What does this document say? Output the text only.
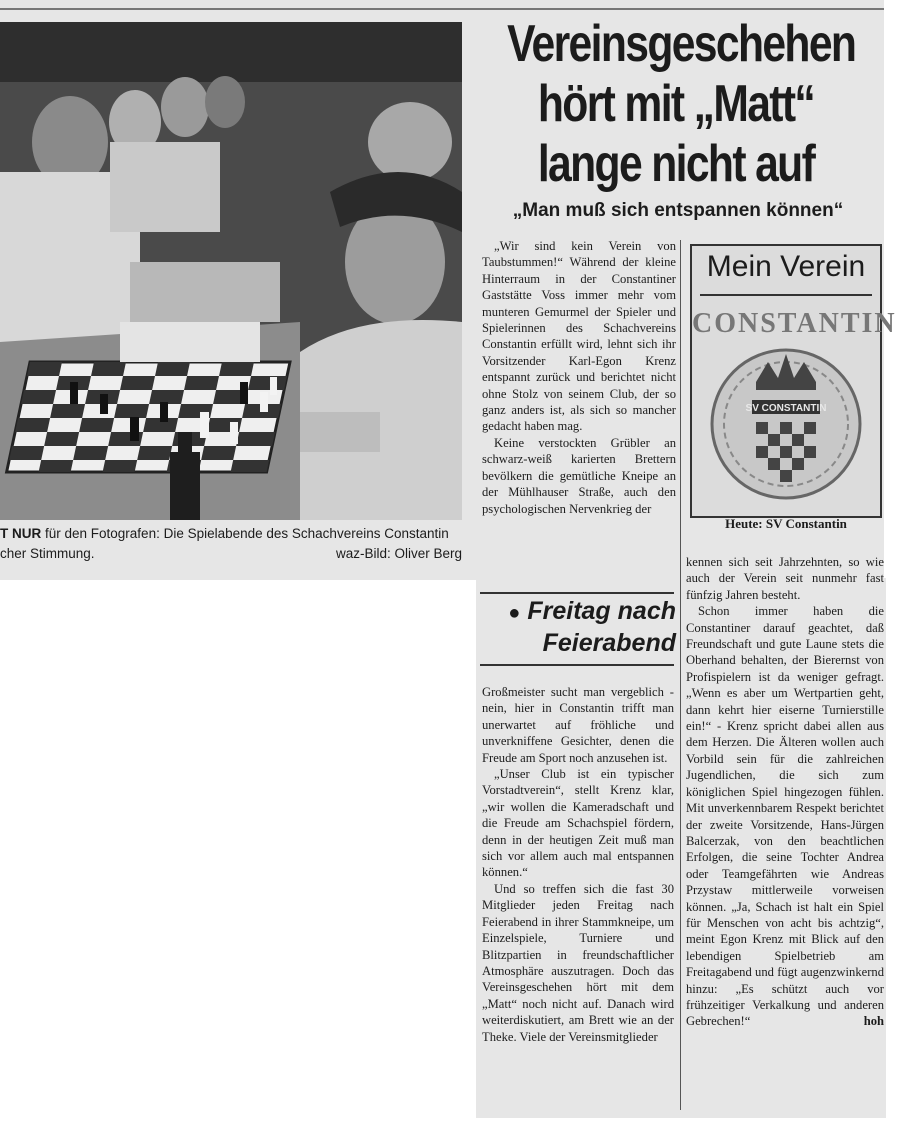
T NUR für den Fotografen: Die Spielabende des Schachvereins Constantin
cher Stimmung.	waz-Bild: Oliver Berg
Vereinsgeschehen
hört mit „Matt“
lange nicht auf
„Man muß sich entspannen können“

„Wir sind kein Verein von Taubstummen!“ Während der kleine Hinterraum in der Constantiner Gaststätte Voss immer mehr vom munteren Gemurmel der Spieler und Spielerinnen des Schachvereins Constantin erfüllt wird, lehnt sich ihr Vorsitzender Karl-Egon Krenz entspannt zurück und berichtet nicht ohne Stolz von seinem Club, der so ganz anders ist, als sich so mancher gedacht haben mag.

Keine verstockten Grübler an schwarz-weiß karierten Brettern bevölkern die gemütliche Kneipe an der Mühlhauser Straße, auch den psychologischen Nervenkrieg der

Mein Verein
CONSTANTIN
SV CONSTANTIN
Heute: SV Constantin
● Freitag nach Feierabend

Großmeister sucht man vergeblich - nein, hier in Constantin trifft man unerwartet auf fröhliche und unverkniffene Gesichter, denen die Freude am Sport noch anzusehen ist.

„Unser Club ist ein typischer Vorstadtverein“, stellt Krenz klar, „wir wollen die Kameradschaft und die Freude am Schachspiel fördern, denn in der heutigen Zeit muß man sich vor allem auch mal entspannen können.“

Und so treffen sich die fast 30 Mitglieder jeden Freitag nach Feierabend in ihrer Stammkneipe, um Einzelspiele, Turniere und Blitzpartien in freundschaftlicher Atmosphäre auszutragen. Doch das Vereinsgeschehen hört mit dem „Matt“ noch nicht auf. Danach wird weiterdiskutiert, am Brett wie an der Theke. Viele der Vereinsmitglieder

kennen sich seit Jahrzehnten, so wie auch der Verein seit nunmehr fast fünfzig Jahren besteht.

Schon immer haben die Constantiner darauf geachtet, daß Freundschaft und gute Laune stets die Oberhand behalten, der Bierernst von Profispielern ist da weniger gefragt. „Wenn es aber um Wertpartien geht, dann kehrt hier eiserne Turnierstille ein!“ - Krenz spricht dabei allen aus dem Herzen. Die Älteren wollen auch Vorbild sein für die zahlreichen Jugendlichen, die sich zum königlichen Spiel hingezogen fühlen. Mit unverkennbarem Respekt berichtet der zweite Vorsitzende, Hans-Jürgen Balcerzak, von den beachtlichen Erfolgen, die seine Tochter Andrea oder Teamgefährten wie Andreas Przystaw mittlerweile vorweisen können. „Ja, Schach ist halt ein Spiel für Menschen von acht bis achtzig“, meint Egon Krenz mit Blick auf den lebendigen Spielbetrieb am Freitagabend und fügt augenzwinkernd hinzu: „Es schützt auch vor frühzeitiger Verkalkung und anderen Gebrechen!“	hoh
